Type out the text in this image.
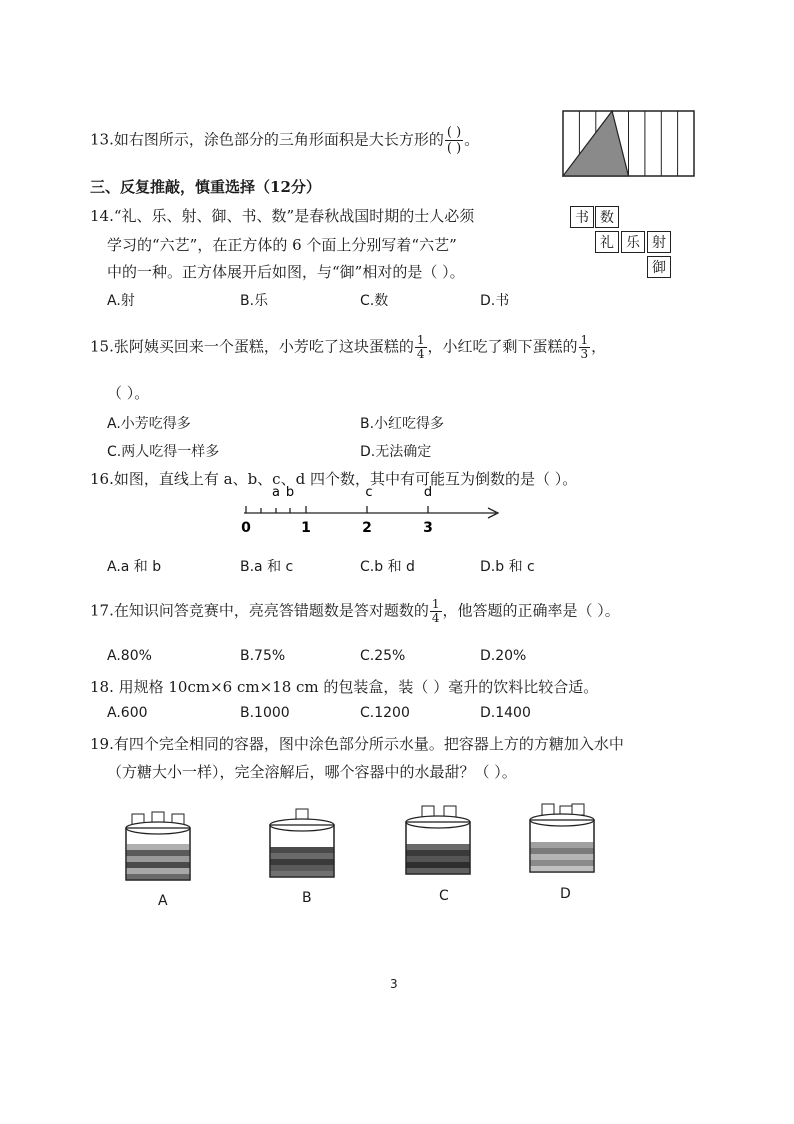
13.如右图所示，涂色部分的三角形面积是大长方形的 $\frac{( )}{( )}$ 。
三、反复推敲，慎重选择（12分）
14.“礼、乐、射、御、书、数”是春秋战国时期的士人必须
学习的“六艺”，在正方体的 6 个面上分别写着“六艺”
中的一种。正方体展开后如图，与“御”相对的是（ ）。
书 数
礼 乐 射
御
A.射	B.乐	C.数	D.书
15.张阿姨买回来一个蛋糕，小芳吃了这块蛋糕的 $\frac{1}{4}$ ，小红吃了剩下蛋糕的 $\frac{1}{3}$ ，
（ ）。
A.小芳吃得多	B.小红吃得多
C.两人吃得一样多	D.无法确定
16.如图，直线上有 a、b、c、d 四个数，其中有可能互为倒数的是（ ）。
a b	c	d
0	1	2	3
A.a 和 b	B.a 和 c	C.b 和 d	D.b 和 c
17.在知识问答竞赛中，亮亮答错题数是答对题数的 $\frac{1}{4}$ ，他答题的正确率是（ ）。
A.80%	B.75%	C.25%	D.20%
18. 用规格 10cm×6 cm×18 cm 的包装盒，装（ ）毫升的饮料比较合适。
A.600	B.1000	C.1200	D.1400
19.有四个完全相同的容器，图中涂色部分所示水量。把容器上方的方糖加入水中
（方糖大小一样），完全溶解后，哪个容器中的水最甜？（ ）。
A	B	C	D
3
